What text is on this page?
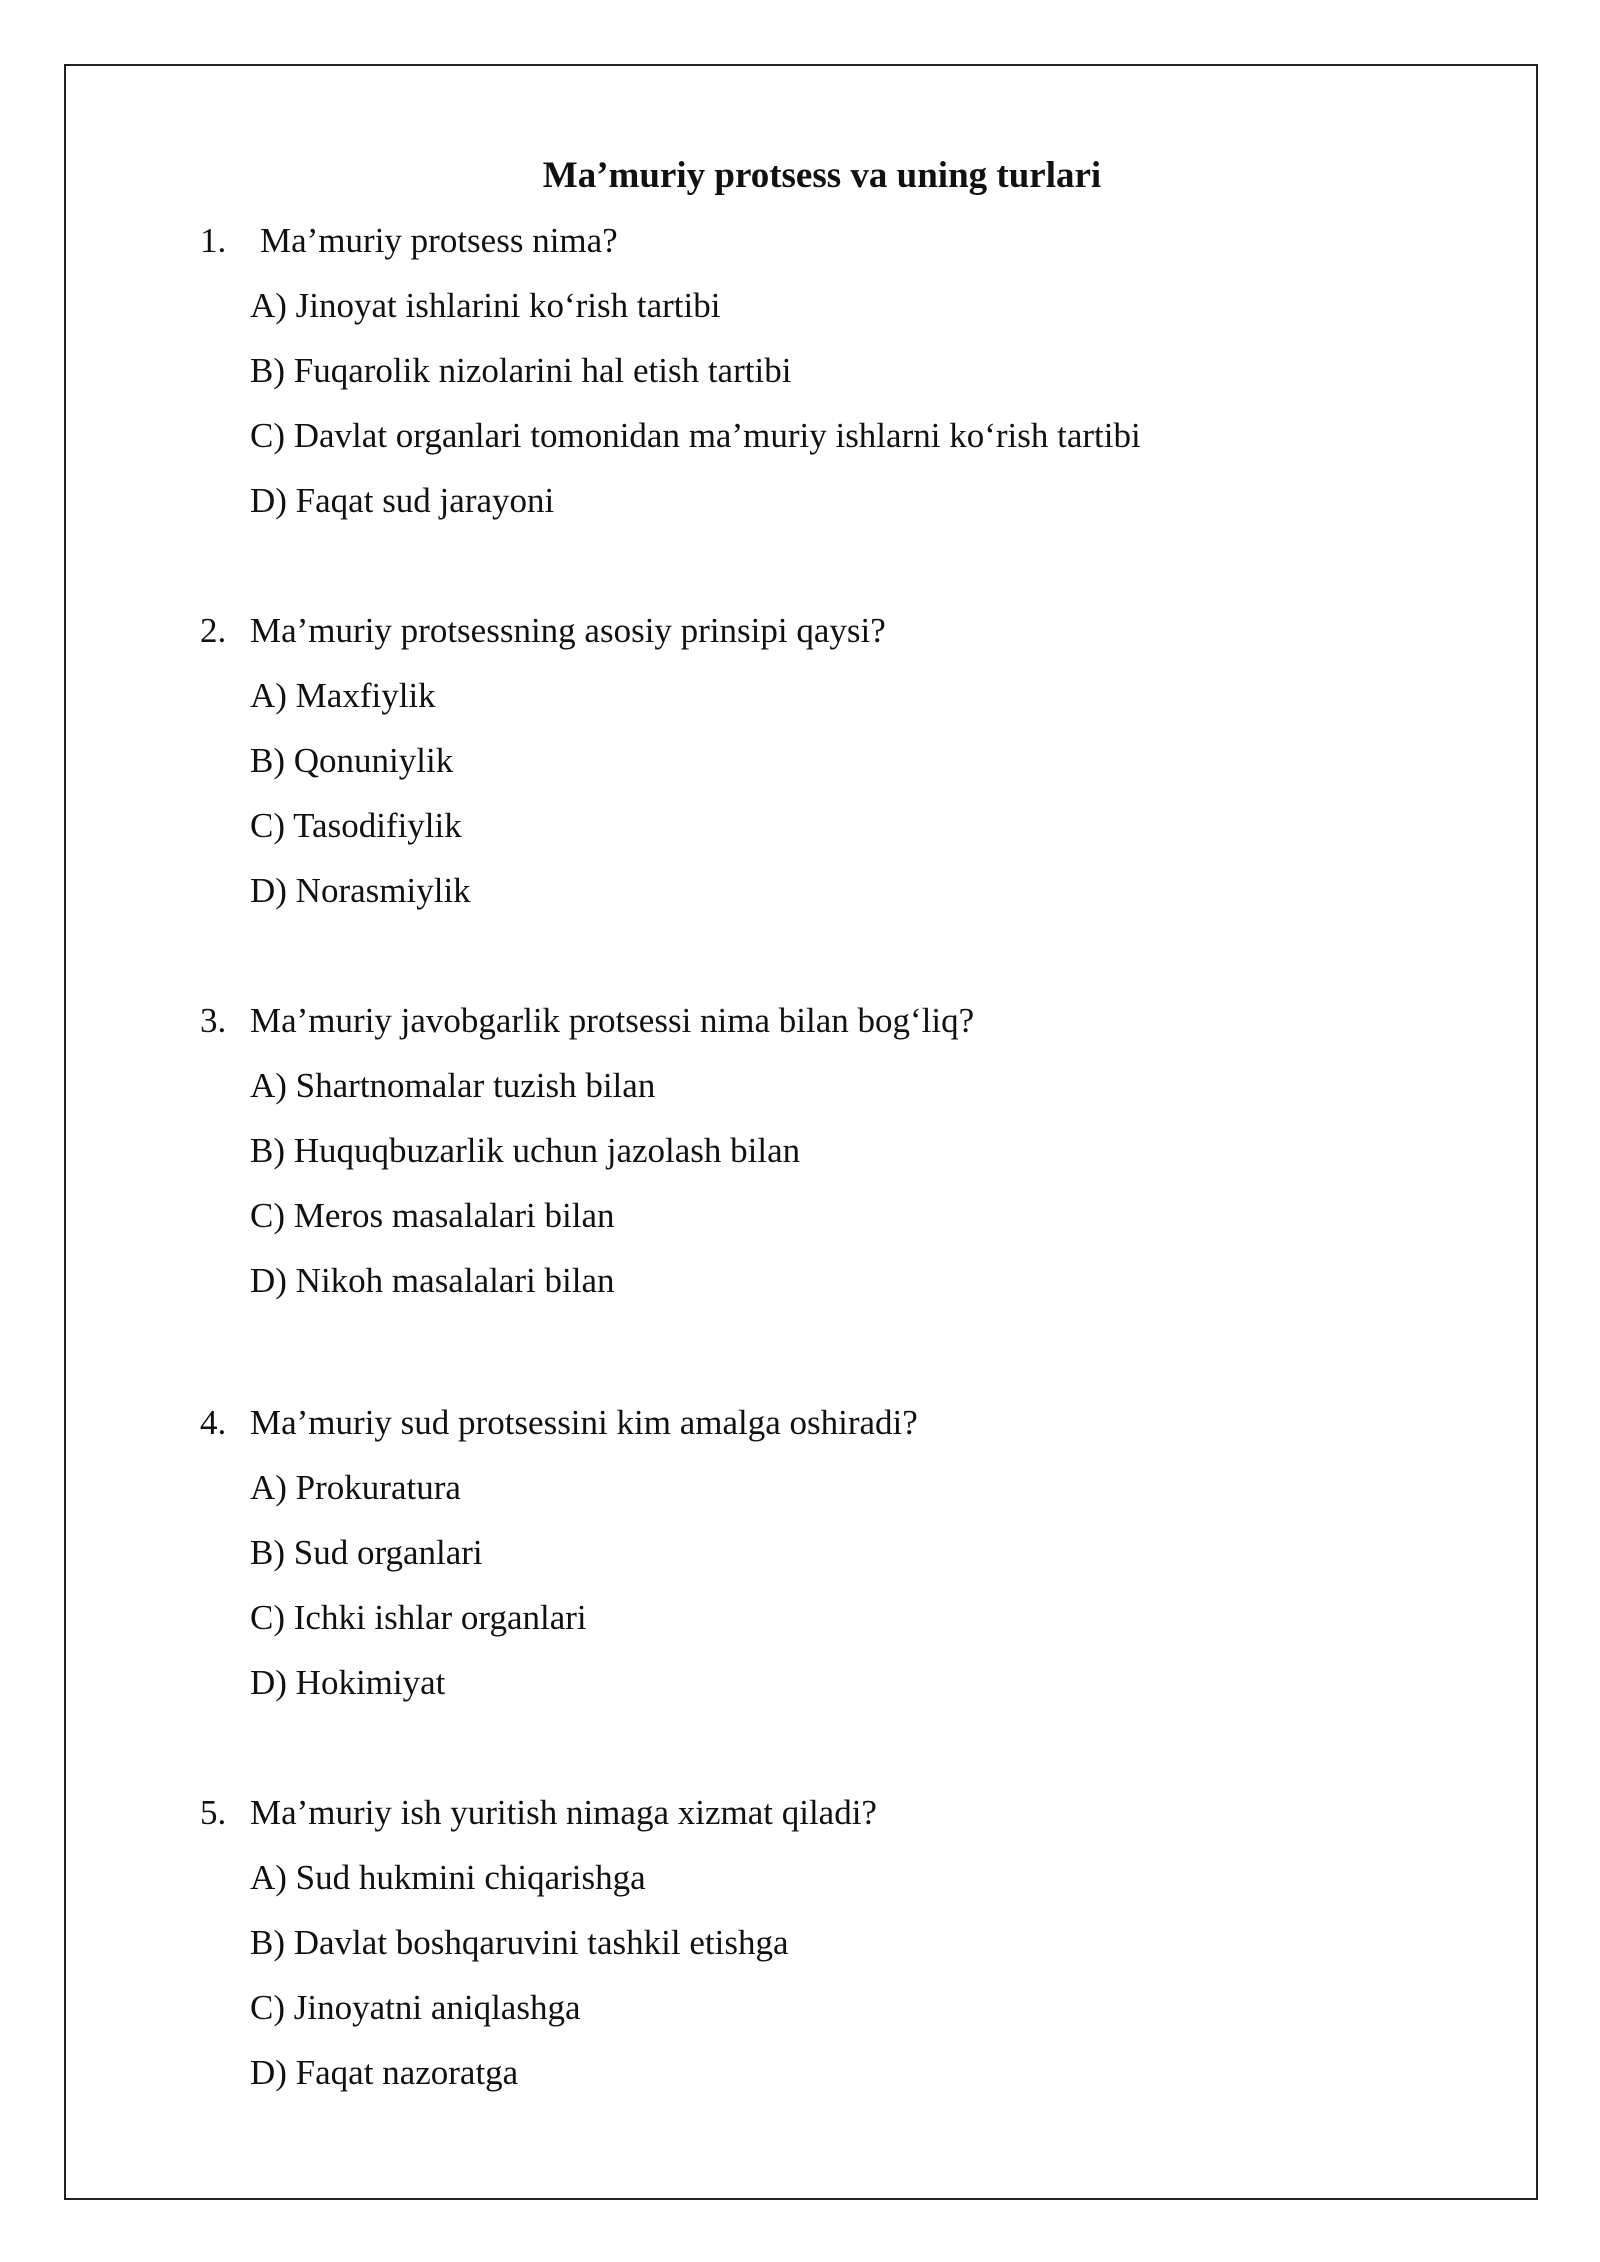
Ma’muriy protsess va uning turlari
1. Ma’muriy protsess nima?
A) Jinoyat ishlarini ko‘rish tartibi
B) Fuqarolik nizolarini hal etish tartibi
C) Davlat organlari tomonidan ma’muriy ishlarni ko‘rish tartibi
D) Faqat sud jarayoni
2. Ma’muriy protsessning asosiy prinsipi qaysi?
A) Maxfiylik
B) Qonuniylik
C) Tasodifiylik
D) Norasmiylik
3. Ma’muriy javobgarlik protsessi nima bilan bog‘liq?
A) Shartnomalar tuzish bilan
B) Huquqbuzarlik uchun jazolash bilan
C) Meros masalalari bilan
D) Nikoh masalalari bilan
4. Ma’muriy sud protsessini kim amalga oshiradi?
A) Prokuratura
B) Sud organlari
C) Ichki ishlar organlari
D) Hokimiyat
5. Ma’muriy ish yuritish nimaga xizmat qiladi?
A) Sud hukmini chiqarishga
B) Davlat boshqaruvini tashkil etishga
C) Jinoyatni aniqlashga
D) Faqat nazoratga
